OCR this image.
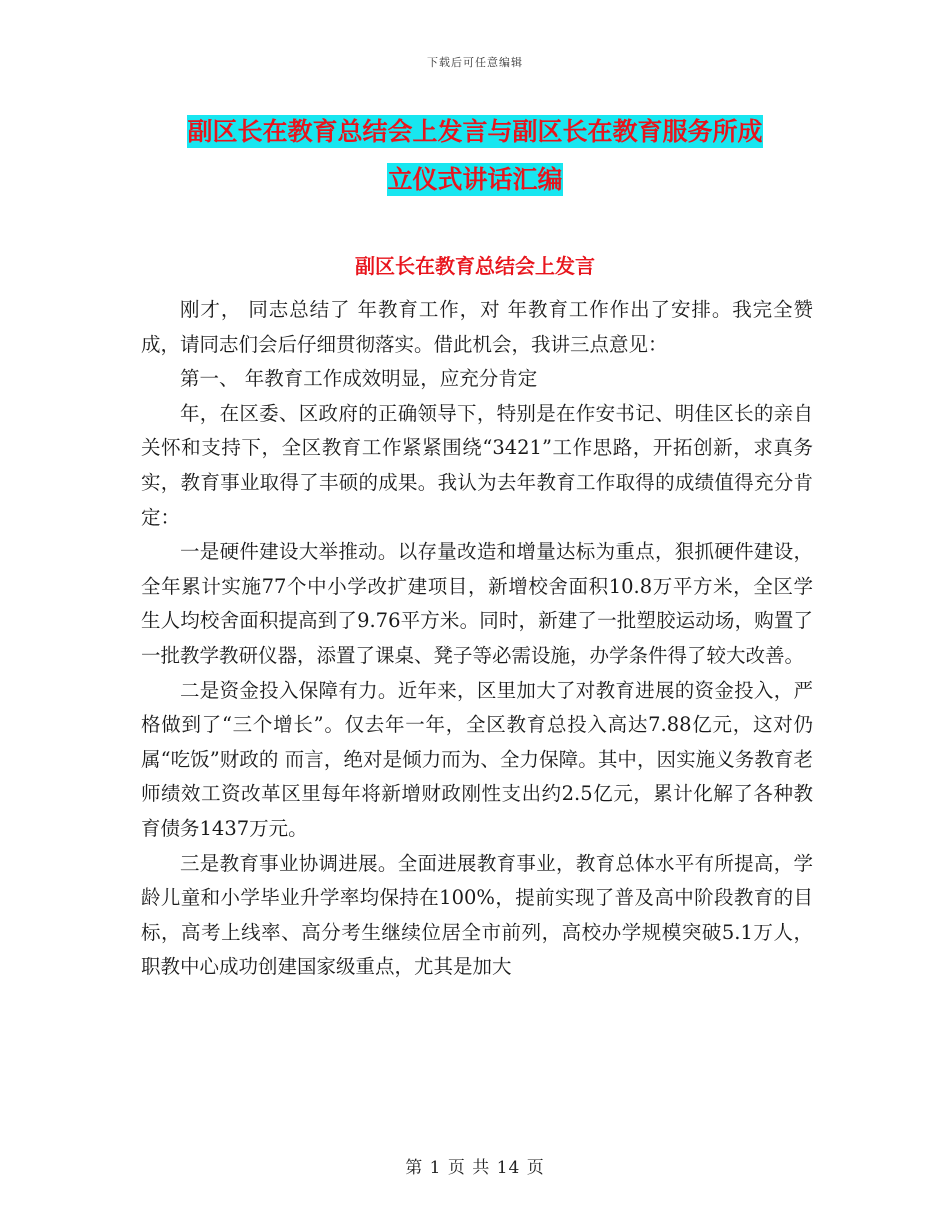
下载后可任意编辑
副区长在教育总结会上发言与副区长在教育服务所成
立仪式讲话汇编
副区长在教育总结会上发言

刚才， 同志总结了 年教育工作，对 年教育工作作出了安排。我完全赞成，请同志们会后仔细贯彻落实。借此机会，我讲三点意见：

第一、 年教育工作成效明显，应充分肯定

年，在区委、区政府的正确领导下，特别是在作安书记、明佳区长的亲自关怀和支持下，全区教育工作紧紧围绕“3421”工作思路，开拓创新，求真务实，教育事业取得了丰硕的成果。我认为去年教育工作取得的成绩值得充分肯定：

一是硬件建设大举推动。以存量改造和增量达标为重点，狠抓硬件建设，全年累计实施77个中小学改扩建项目，新增校舍面积10.8万平方米，全区学生人均校舍面积提高到了9.76平方米。同时，新建了一批塑胶运动场，购置了一批教学教研仪器，添置了课桌、凳子等必需设施，办学条件得了较大改善。

二是资金投入保障有力。近年来，区里加大了对教育进展的资金投入，严格做到了“三个增长”。仅去年一年，全区教育总投入高达7.88亿元，这对仍属“吃饭”财政的 而言，绝对是倾力而为、全力保障。其中，因实施义务教育老师绩效工资改革区里每年将新增财政刚性支出约2.5亿元，累计化解了各种教育债务1437万元。

三是教育事业协调进展。全面进展教育事业，教育总体水平有所提高，学龄儿童和小学毕业升学率均保持在100%，提前实现了普及高中阶段教育的目标，高考上线率、高分考生继续位居全市前列，高校办学规模突破5.1万人，职教中心成功创建国家级重点，尤其是加大

第 1 页 共 14 页
